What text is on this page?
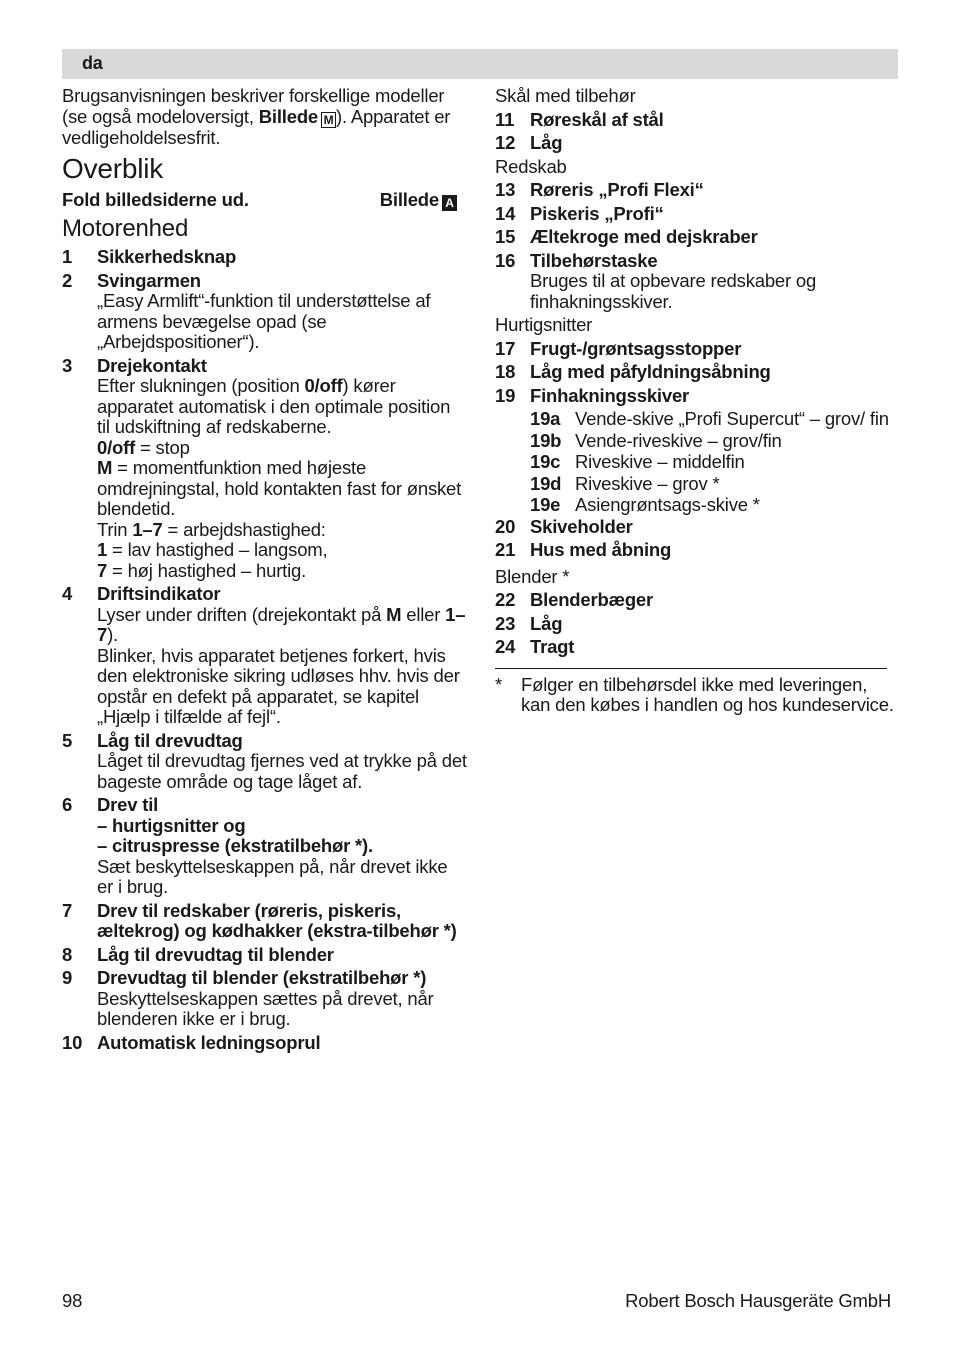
da

Brugsanvisningen beskriver forskellige modeller (se også modeloversigt, Billede M ). Apparatet er vedligeholdelsesfrit.

Overblik
Fold billedsiderne ud.	Billede A
Motorenhed
1 Sikkerhedsknap
2 Svingarmen

„Easy Armlift“-funktion til understøttelse af armens bevægelse opad (se „Arbejdspositioner“).

3 Drejekontakt

Efter slukningen (position 0/off) kører apparatet automatisk i den optimale position til udskiftning af redskaberne.

0/off = stop

M = momentfunktion med højeste omdrejningstal, hold kontakten fast for ønsket blendetid.

Trin 1–7 = arbejdshastighed:

1 = lav hastighed – langsom,

7 = høj hastighed – hurtig.

4 Driftsindikator

Lyser under driften (drejekontakt på M eller 1–7).

Blinker, hvis apparatet betjenes forkert, hvis den elektroniske sikring udløses hhv. hvis der opstår en defekt på apparatet, se kapitel „Hjælp i tilfælde af fejl“.

5 Låg til drevudtag

Låget til drevudtag fjernes ved at trykke på det bageste område og tage låget af.

6 Drev til
– hurtigsnitter og
– citruspresse (ekstratilbehør *).

Sæt beskyttelseskappen på, når drevet ikke er i brug.

7 Drev til redskaber (røreris, piskeris, æltekrog) og kødhakker (ekstra-tilbehør *)
8 Låg til drevudtag til blender
9 Drevudtag til blender (ekstratilbehør *)

Beskyttelseskappen sættes på drevet, når blenderen ikke er i brug.

10 Automatisk ledningsoprul

Skål med tilbehør

11 Røreskål af stål
12 Låg

Redskab

13 Røreris „Profi Flexi“
14 Piskeris „Profi“
15 Æltekroge med dejskraber
16 Tilbehørstaske

Bruges til at opbevare redskaber og finhakningsskiver.

Hurtigsnitter

17 Frugt-/grøntsagsstopper
18 Låg med påfyldningsåbning
19 Finhakningsskiver
19a Vende-skive „Profi Supercut“ – grov/ fin
19b Vende-riveskive – grov/fin
19c Riveskive – middelfin
19d Riveskive – grov *
19e Asiengrøntsags-skive *
20 Skiveholder
21 Hus med åbning

Blender *

22 Blenderbæger
23 Låg
24 Tragt
* Følger en tilbehørsdel ikke med leveringen, kan den købes i handlen og hos kundeservice.
98	Robert Bosch Hausgeräte GmbH
